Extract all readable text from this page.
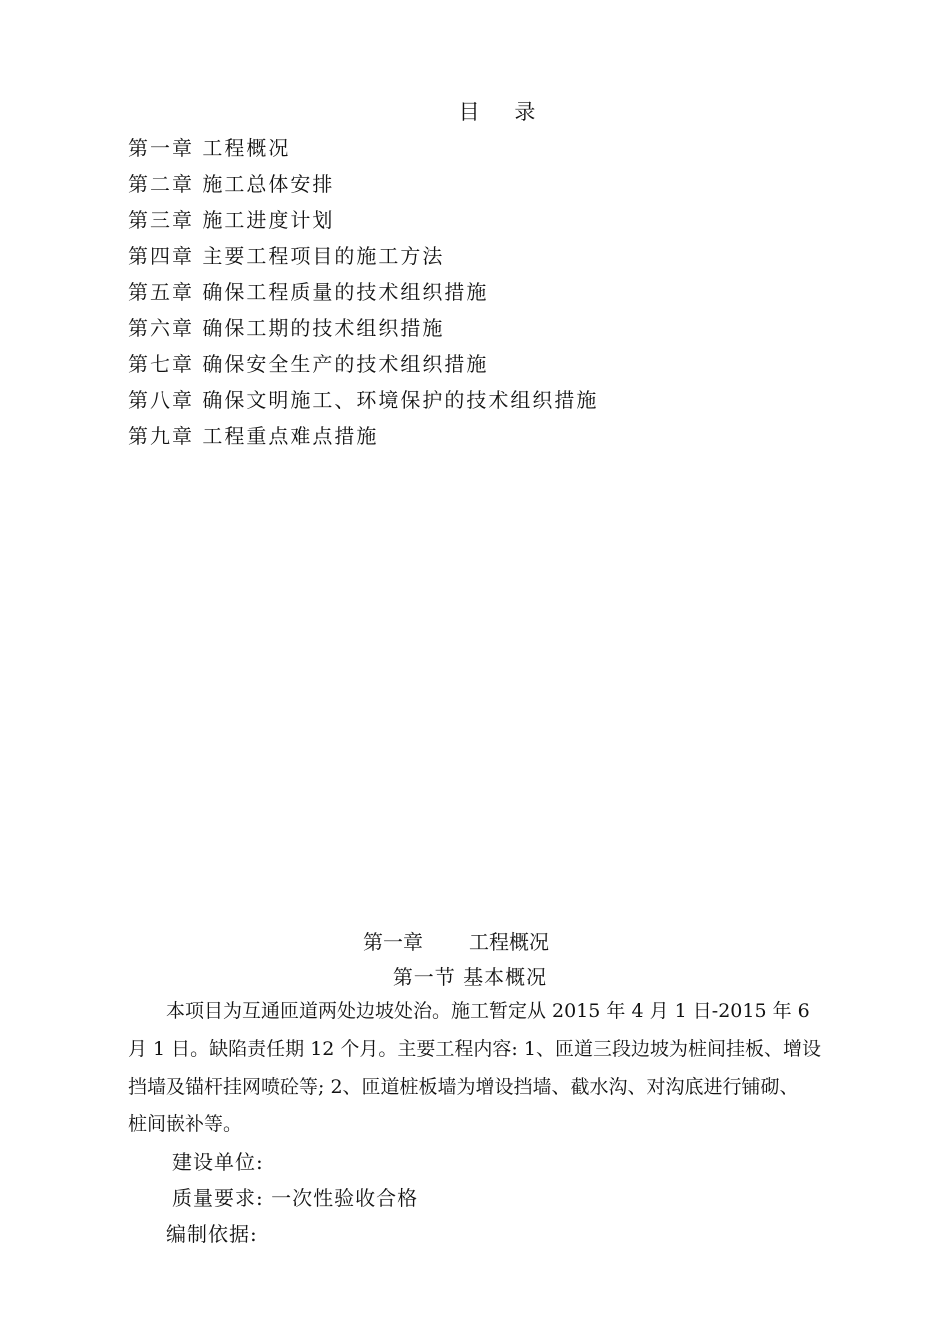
目 录
第一章 工程概况
第二章 施工总体安排
第三章 施工进度计划
第四章 主要工程项目的施工方法
第五章 确保工程质量的技术组织措施
第六章 确保工期的技术组织措施
第七章 确保安全生产的技术组织措施
第八章 确保文明施工、环境保护的技术组织措施
第九章 工程重点难点措施
第一章 工程概况
第一节 基本概况
　　本项目为互通匝道两处边坡处治。施工暂定从 2015 年 4 月 1 日-2015 年 6
月 1 日。缺陷责任期 12 个月。主要工程内容: 1、匝道三段边坡为桩间挂板、增设
挡墙及锚杆挂网喷砼等; 2、匝道桩板墙为增设挡墙、截水沟、对沟底进行铺砌、
桩间嵌补等。
建设单位:
质量要求: 一次性验收合格
编制依据:
